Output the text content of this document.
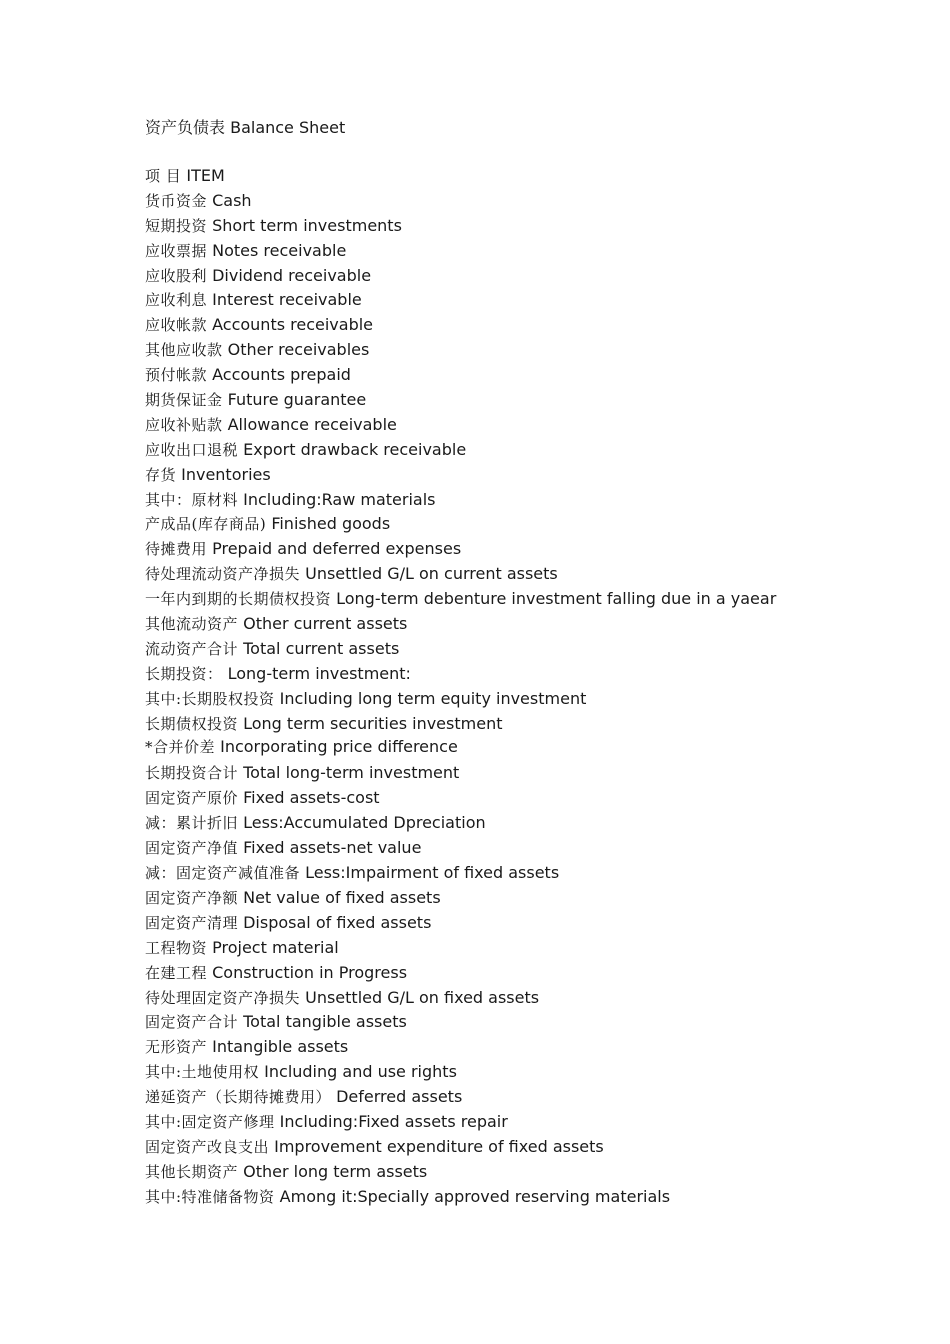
资产负债表 Balance Sheet
项 目 ITEM
货币资金 Cash
短期投资 Short term investments
应收票据 Notes receivable
应收股利 Dividend receivable
应收利息 Interest receivable
应收帐款 Accounts receivable
其他应收款 Other receivables
预付帐款 Accounts prepaid
期货保证金 Future guarantee
应收补贴款 Allowance receivable
应收出口退税 Export drawback receivable
存货 Inventories
其中：原材料 Including:Raw materials
产成品(库存商品) Finished goods
待摊费用 Prepaid and deferred expenses
待处理流动资产净损失 Unsettled G/L on current assets
一年内到期的长期债权投资 Long-term debenture investment falling due in a yaear
其他流动资产 Other current assets
流动资产合计 Total current assets
长期投资： Long-term investment:
其中:长期股权投资 Including long term equity investment
长期债权投资 Long term securities investment
*合并价差 Incorporating price difference
长期投资合计 Total long-term investment
固定资产原价 Fixed assets-cost
减：累计折旧 Less:Accumulated Dpreciation
固定资产净值 Fixed assets-net value
减：固定资产减值准备 Less:Impairment of fixed assets
固定资产净额 Net value of fixed assets
固定资产清理 Disposal of fixed assets
工程物资 Project material
在建工程 Construction in Progress
待处理固定资产净损失 Unsettled G/L on fixed assets
固定资产合计 Total tangible assets
无形资产 Intangible assets
其中:土地使用权 Including and use rights
递延资产（长期待摊费用） Deferred assets
其中:固定资产修理 Including:Fixed assets repair
固定资产改良支出 Improvement expenditure of fixed assets
其他长期资产 Other long term assets
其中:特准储备物资 Among it:Specially approved reserving materials
